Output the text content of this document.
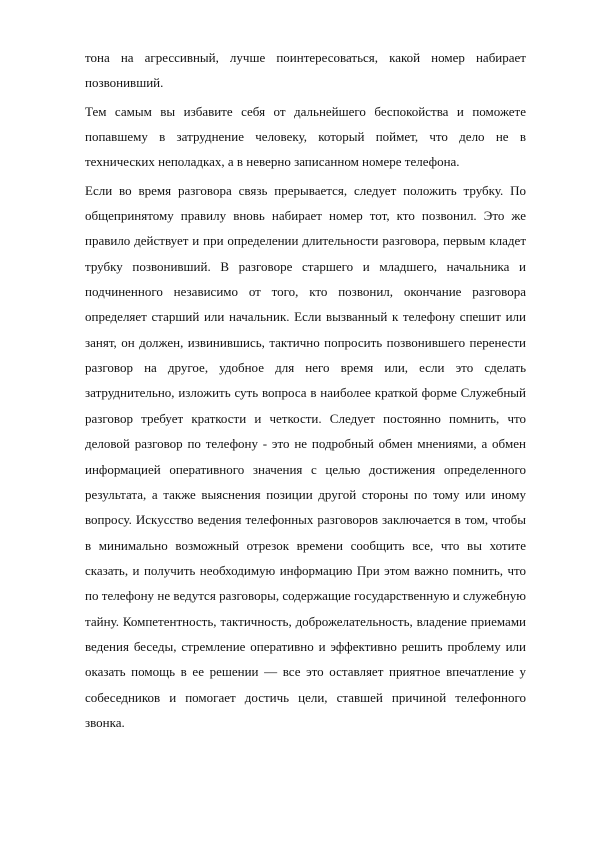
тона на агрессивный, лучше поинтересоваться, какой номер набирает позвонивший.

Тем самым вы избавите себя от дальнейшего беспокойства и поможете попавшему в затруднение человеку, который поймет, что дело не в технических неполадках, а в неверно записанном номере телефона.

Если во время разговора связь прерывается, следует положить трубку. По общепринятому правилу вновь набирает номер тот, кто позвонил. Это же правило действует и при определении длительности разговора, первым кладет трубку позвонивший. В разговоре старшего и младшего, начальника и подчиненного независимо от того, кто позвонил, окончание разговора определяет старший или начальник. Если вызванный к телефону спешит или занят, он должен, извинившись, тактично попросить позвонившего перенести разговор на другое, удобное для него время или, если это сделать затруднительно, изложить суть вопроса в наиболее краткой форме Служебный разговор требует краткости и четкости. Следует постоянно помнить, что деловой разговор по телефону - это не подробный обмен мнениями, а обмен информацией оперативного значения с целью достижения определенного результата, а также выяснения позиции другой стороны по тому или иному вопросу. Искусство ведения телефонных разговоров заключается в том, чтобы в минимально возможный отрезок времени сообщить все, что вы хотите сказать, и получить необходимую информацию При этом важно помнить, что по телефону не ведутся разговоры, содержащие государственную и служебную тайну. Компетентность, тактичность, доброжелательность, владение приемами ведения беседы, стремление оперативно и эффективно решить проблему или оказать помощь в ее решении — все это оставляет приятное впечатление у собеседников и помогает достичь цели, ставшей причиной телефонного звонка.
